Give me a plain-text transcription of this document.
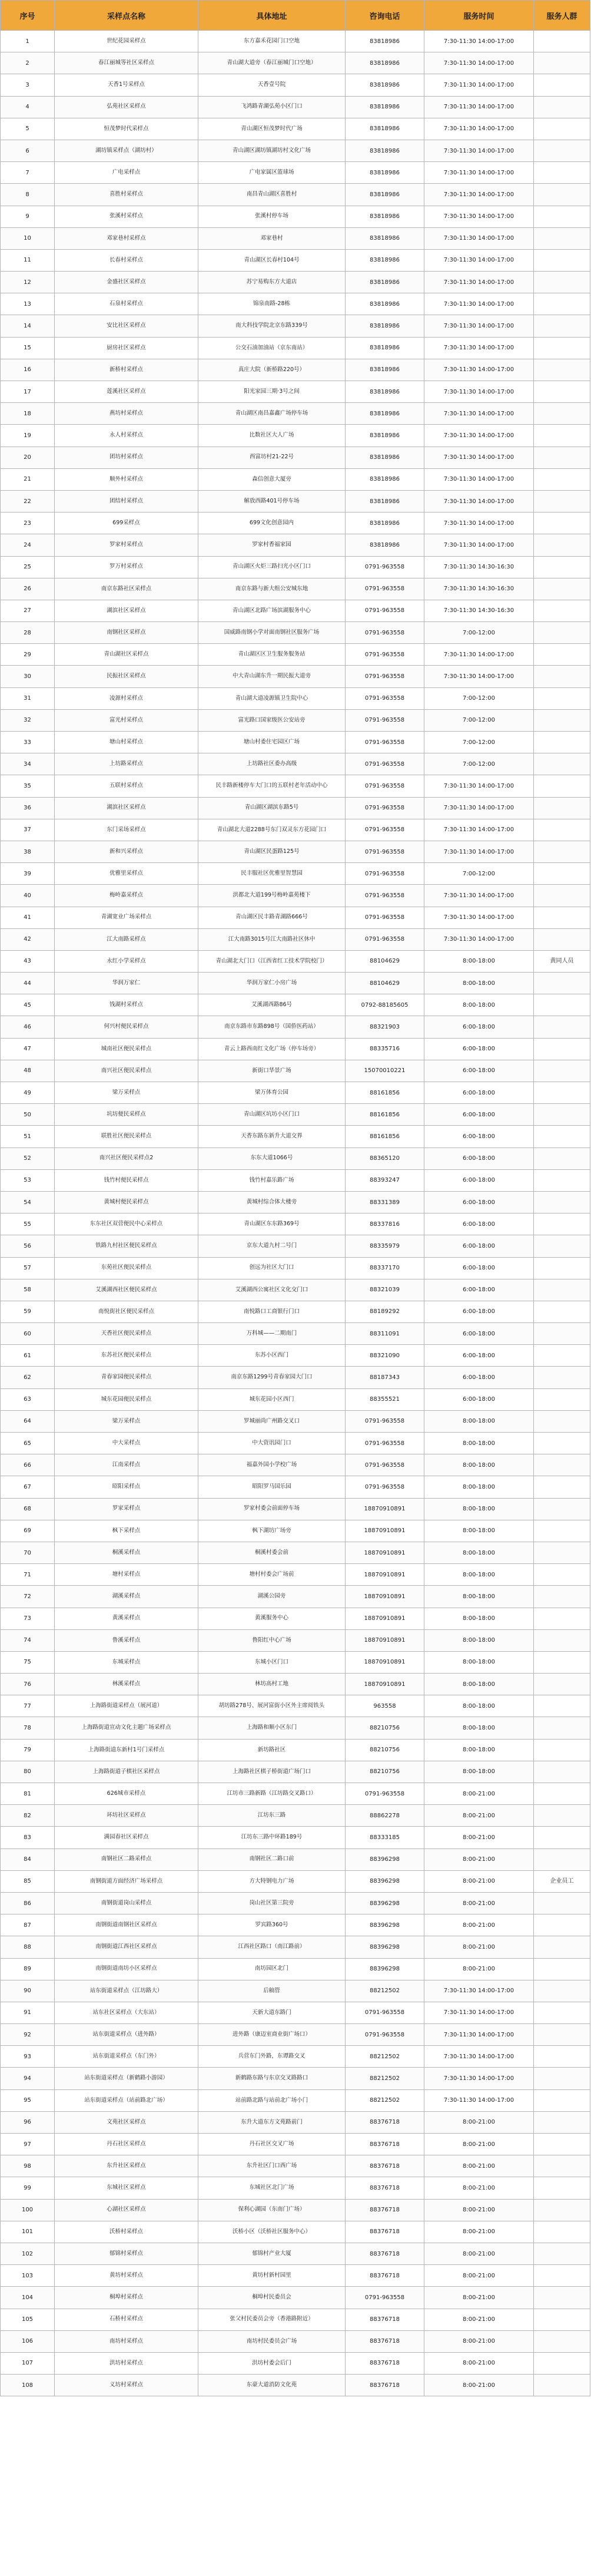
序号	采样点名称	具体地址	咨询电话	服务时间	服务人群
1	世纪花园采样点	东方嘉禾花园门口空地	83818986	7:30-11:30 14:00-17:00	
2	春江丽城等社区采样点	青山湖大道旁（春江丽城门口空地）	83818986	7:30-11:30 14:00-17:00	
3	天香1号采样点	天香壹号院	83818986	7:30-11:30 14:00-17:00	
4	弘苑社区采样点	飞鸿路青湖弘苑小区门口	83818986	7:30-11:30 14:00-17:00	
5	恒茂梦时代采样点	青山湖区恒茂梦时代广场	83818986	7:30-11:30 14:00-17:00	
6	湖坊镇采样点（湖坊村）	青山湖区湖坊镇湖坊村文化广场	83818986	7:30-11:30 14:00-17:00	
7	广电采样点	广电家属区篮球场	83818986	7:30-11:30 14:00-17:00	
8	喜胜村采样点	南昌青山湖区喜胜村	83818986	7:30-11:30 14:00-17:00	
9	张溪村采样点	张溪村停车场	83818986	7:30-11:30 14:00-17:00	
10	邓家巷村采样点	邓家巷村	83818986	7:30-11:30 14:00-17:00	
11	长春村采样点	青山湖区长春村104号	83818986	7:30-11:30 14:00-17:00	
12	金盛社区采样点	苏宁易购东方大道店	83818986	7:30-11:30 14:00-17:00	
13	石泉村采样点	锦泉南路-28栋	83818986	7:30-11:30 14:00-17:00	
14	安比社区采样点	南大科技学院北京东路339号	83818986	7:30-11:30 14:00-17:00	
15	厨房社区采样点	公交石油加油站（京东南站）	83818986	7:30-11:30 14:00-17:00	
16	新桥村采样点	真庄大院（新桥路220号）	83818986	7:30-11:30 14:00-17:00	
17	莲溪社区采样点	阳光家园三期·3号之间	83818986	7:30-11:30 14:00-17:00	
18	燕坊村采样点	青山湖区南昌嘉鑫广场停车场	83818986	7:30-11:30 14:00-17:00	
19	永人村采样点	比数社区大人广场	83818986	7:30-11:30 14:00-17:00	
20	团坊村采样点	西富坊村21-22号	83818986	7:30-11:30 14:00-17:00	
21	顺外村采样点	森信创意大厦旁	83818986	7:30-11:30 14:00-17:00	
22	团结村采样点	解放西路401号停车场	83818986	7:30-11:30 14:00-17:00	
23	699采样点	699文化创意园内	83818986	7:30-11:30 14:00-17:00	
24	罗家村采样点	罗家村香福家园	83818986	7:30-11:30 14:00-17:00	
25	罗万村采样点	青山湖区火炬三路扫光小区门口	0791-963558	7:30-11:30 14:30-16:30	
26	南京东路社区采样点	南京东路与新大组公安城东地	0791-963558	7:30-11:30 14:30-16:30	
27	湖滨社区采样点	青山湖区北路广场滨湖服务中心	0791-963558	7:30-11:30 14:30-16:30	
28	南钢社区采样点	国威路南钢小学对面南钢社区服务广场	0791-963558	7:00-12:00	
29	青山湖社区采样点	青山湖区区卫生服务服务站	0791-963558	7:30-11:30 14:00-17:00	
30	民振社区采样点	中大青山湖东升一期民振大道旁	0791-963558	7:30-11:30 14:00-17:00	
31	凌源村采样点	青山湖大道凌源镇卫生院中心	0791-963558	7:00-12:00	
32	富光村采样点	富光路口国家级医公安站旁	0791-963558	7:00-12:00	
33	塘山村采样点	塘山村委住宅园区广场	0791-963558	7:00-12:00	
34	上坊路采样点	上坊路社区委办高级	0791-963558	7:00-12:00	
35	五联村采样点	民丰路新楼停车大门口的五联村老年活动中心	0791-963558	7:30-11:30 14:00-17:00	
36	湖滨社区采样点	青山湖区湖滨东路5号	0791-963558	7:30-11:30 14:00-17:00	
37	东门采场采样点	青山湖北大道2288号东门双灵东方花园门口	0791-963558	7:30-11:30 14:00-17:00	
38	新和兴采样点	青山湖区民蛋路125号	0791-963558	7:30-11:30 14:00-17:00	
39	优雅里采样点	民丰服社区优雅里智慧园	0791-963558	7:00-12:00	
40	梅岭嘉采样点	洪都北大道199号梅岭嘉苑楼下	0791-963558	7:30-11:30 14:00-17:00	
41	青湖宽业广场采样点	青山湖区民丰路青湖路666号	0791-963558	7:30-11:30 14:00-17:00	
42	江大南路采样点	江大南路3015号江大南路社区休中	0791-963558	7:30-11:30 14:00-17:00	
43	永红小学采样点	青山湖北大门口（江西省红工技术学院校门）	88104629	8:00-18:00	黄同人员
44	华润万家仁	华润万家仁小房广场	88104629	8:00-18:00	
45	钱湖村采样点	艾溪湖西路86号	0792-88185605	8:00-18:00	
46	何兴村便民采样点	南京东路市东路898号（国侨医药站）	88321903	6:00-18:00	
47	城南社区便民采样点	青云上路西南红文化广场（停车场旁）	88335716	6:00-18:00	
48	南兴社区便民采样点	新街口华景广场	15070010221	6:00-18:00	
49	梁万采样点	梁万体育公园	88161856	6:00-18:00	
50	坑坊便民采样点	青山湖区坑坊小区门口	88161856	6:00-18:00	
51	联胜社区便民采样点	天香东路东新升大道交界	88161856	6:00-18:00	
52	南兴社区便民采样点2	东东大道1066号	88365120	6:00-18:00	
53	钱竹村便民采样点	钱竹村嘉乐路广场	88393247	6:00-18:00	
54	黄城村便民采样点	黄城村综合体大楼旁	88331389	6:00-18:00	
55	东东社区双营便民中心采样点	青山湖区东东路369号	88337816	6:00-18:00	
56	铁路九村社区便民采样点	京东大道九村二号门	88335979	6:00-18:00	
57	东苑社区便民采样点	创远为社区大门口	88337170	6:00-18:00	
58	艾溪湖西社区便民采样点	艾溪湖西公寓社区文化交门口	88321039	6:00-18:00	
59	南悦街社区便民采样点	南悦路口工商银行门口	88189292	6:00-18:00	
60	天香社区便民采样点	万科城——二期南门	88311091	6:00-18:00	
61	东苏社区便民采样点	东苏小区西门	88321090	6:00-18:00	
62	青春家园便民采样点	南京东路1299号青春家园大门口	88187343	6:00-18:00	
63	城东花园便民采样点	城东花园小区西门	88355521	6:00-18:00	
64	梁万采样点	罗城丽尚广州路交叉口	0791-963558	8:00-18:00	
65	中大采样点	中大资讯园门口	0791-963558	8:00-18:00	
66	江南采样点	福嘉外国小学校广场	0791-963558	8:00-18:00	
67	昭阳采样点	昭阳罗马国乐园	0791-963558	8:00-18:00	
68	罗家采样点	罗家村委会前面停车场	18870910891	8:00-18:00	
69	枫下采样点	枫下湖坊广场旁	18870910891	8:00-18:00	
70	桐溪采样点	桐溪村委会前	18870910891	8:00-18:00	
71	塘村采样点	塘村村委会广场前	18870910891	8:00-18:00	
72	湖溪采样点	湖溪公园旁	18870910891	8:00-18:00	
73	黄溪采样点	黄溪服务中心	18870910891	8:00-18:00	
74	鲁溪采样点	鲁阳红中心广场	18870910891	8:00-18:00	
75	东城采样点	东城小区门口	18870910891	8:00-18:00	
76	林溪采样点	林坊高村工地	18870910891	8:00-18:00	
77	上海路街道采样点（展河道）	胡坊路278号、展河富街小区外主席阅铁头	963558	8:00-18:00	
78	上海路街道宣动文化主题广场采样点	上海路和顺小区东门	88210756	8:00-18:00	
79	上海路街道东新村1号门采样点	新坊路社区	88210756	8:00-18:00	
80	上海路街道子棋社区采样点	上海路社区棋子桥街道广场门口	88210756	8:00-18:00	
81	626城市采样点	江坊市三路新路（江坊路交叉路口）	0791-963558	8:00-21:00	
82	环坊社区采样点	江坊东三路	88862278	8:00-21:00	
83	满园春社区采样点	江坊东三路中环路189号	88333185	8:00-21:00	
84	南钢社区二路采样点	南钢社区二路口前	88396298	8:00-21:00	
85	南钢街道方面经济广场采样点	方大特钢电力广场	88396298	8:00-21:00	企业员工
86	南钢街道岗山采样点	岗山社区第三院旁	88396298	8:00-21:00	
87	南钢街道南钢社区采样点	罗宾路360号	88396298	8:00-21:00	
88	南钢街道江西社区采样点	江西社区路口（南江路前）	88396298	8:00-21:00	
89	南钢街道南坊小区采样点	南坊园区北门	88396298	8:00-21:00	
90	站东街道采样点（江坊路大）	后稿管	88212502	7:30-11:30 14:00-17:00	
91	站东社区采样点（大东站）	天新大道东路门	0791-963558	7:30-11:30 14:00-17:00	
92	站东街道采样点（进外路）	进外路（康迈室商业街广场口）	0791-963558	7:30-11:30 14:00-17:00	
93	站东街道采样点（东门外）	兵营东门外路，东谭路交叉	88212502	7:30-11:30 14:00-17:00	
94	站东街道采样点（新鹤路小游园）	新鹤路东路与东京交叉路路口	88212502	7:30-11:30 14:00-17:00	
95	站东街道采样点（站前路北广场）	站前路北路与站前北广场小门	88212502	7:30-11:30 14:00-17:00	
96	文苑社区采样点	东升大道东方文苑路前门	88376718	8:00-21:00	
97	丹石社区采样点	丹石社区交叉广场	88376718	8:00-21:00	
98	东升社区采样点	东升社区门口西广场	88376718	8:00-21:00	
99	东城社区采样点	东城社区北门广场	88376718	8:00-21:00	
100	心湖社区采样点	保利心湖园（东南门广场）	88376718	8:00-21:00	
101	沃桥村采样点	沃桥小区（沃桥社区服务中心）	88376718	8:00-21:00	
102	郁锦村采样点	郁锦村产业大厦	88376718	8:00-21:00	
103	黄坊村采样点	黄坊村新村园里	88376718	8:00-21:00	
104	桐埠村采样点	桐埠村民委员会	0791-963558	8:00-21:00	
105	石桥村采样点	张父村民委员会旁（香港路附近）	88376718	8:00-21:00	
106	南坊村采样点	南坊村民委员会广场	88376718	8:00-21:00	
107	洪坊村采样点	洪坊村委会后门	88376718	8:00-21:00	
108	义坊村采样点	东豪大道消防文化苑	88376718	8:00-21:00	
